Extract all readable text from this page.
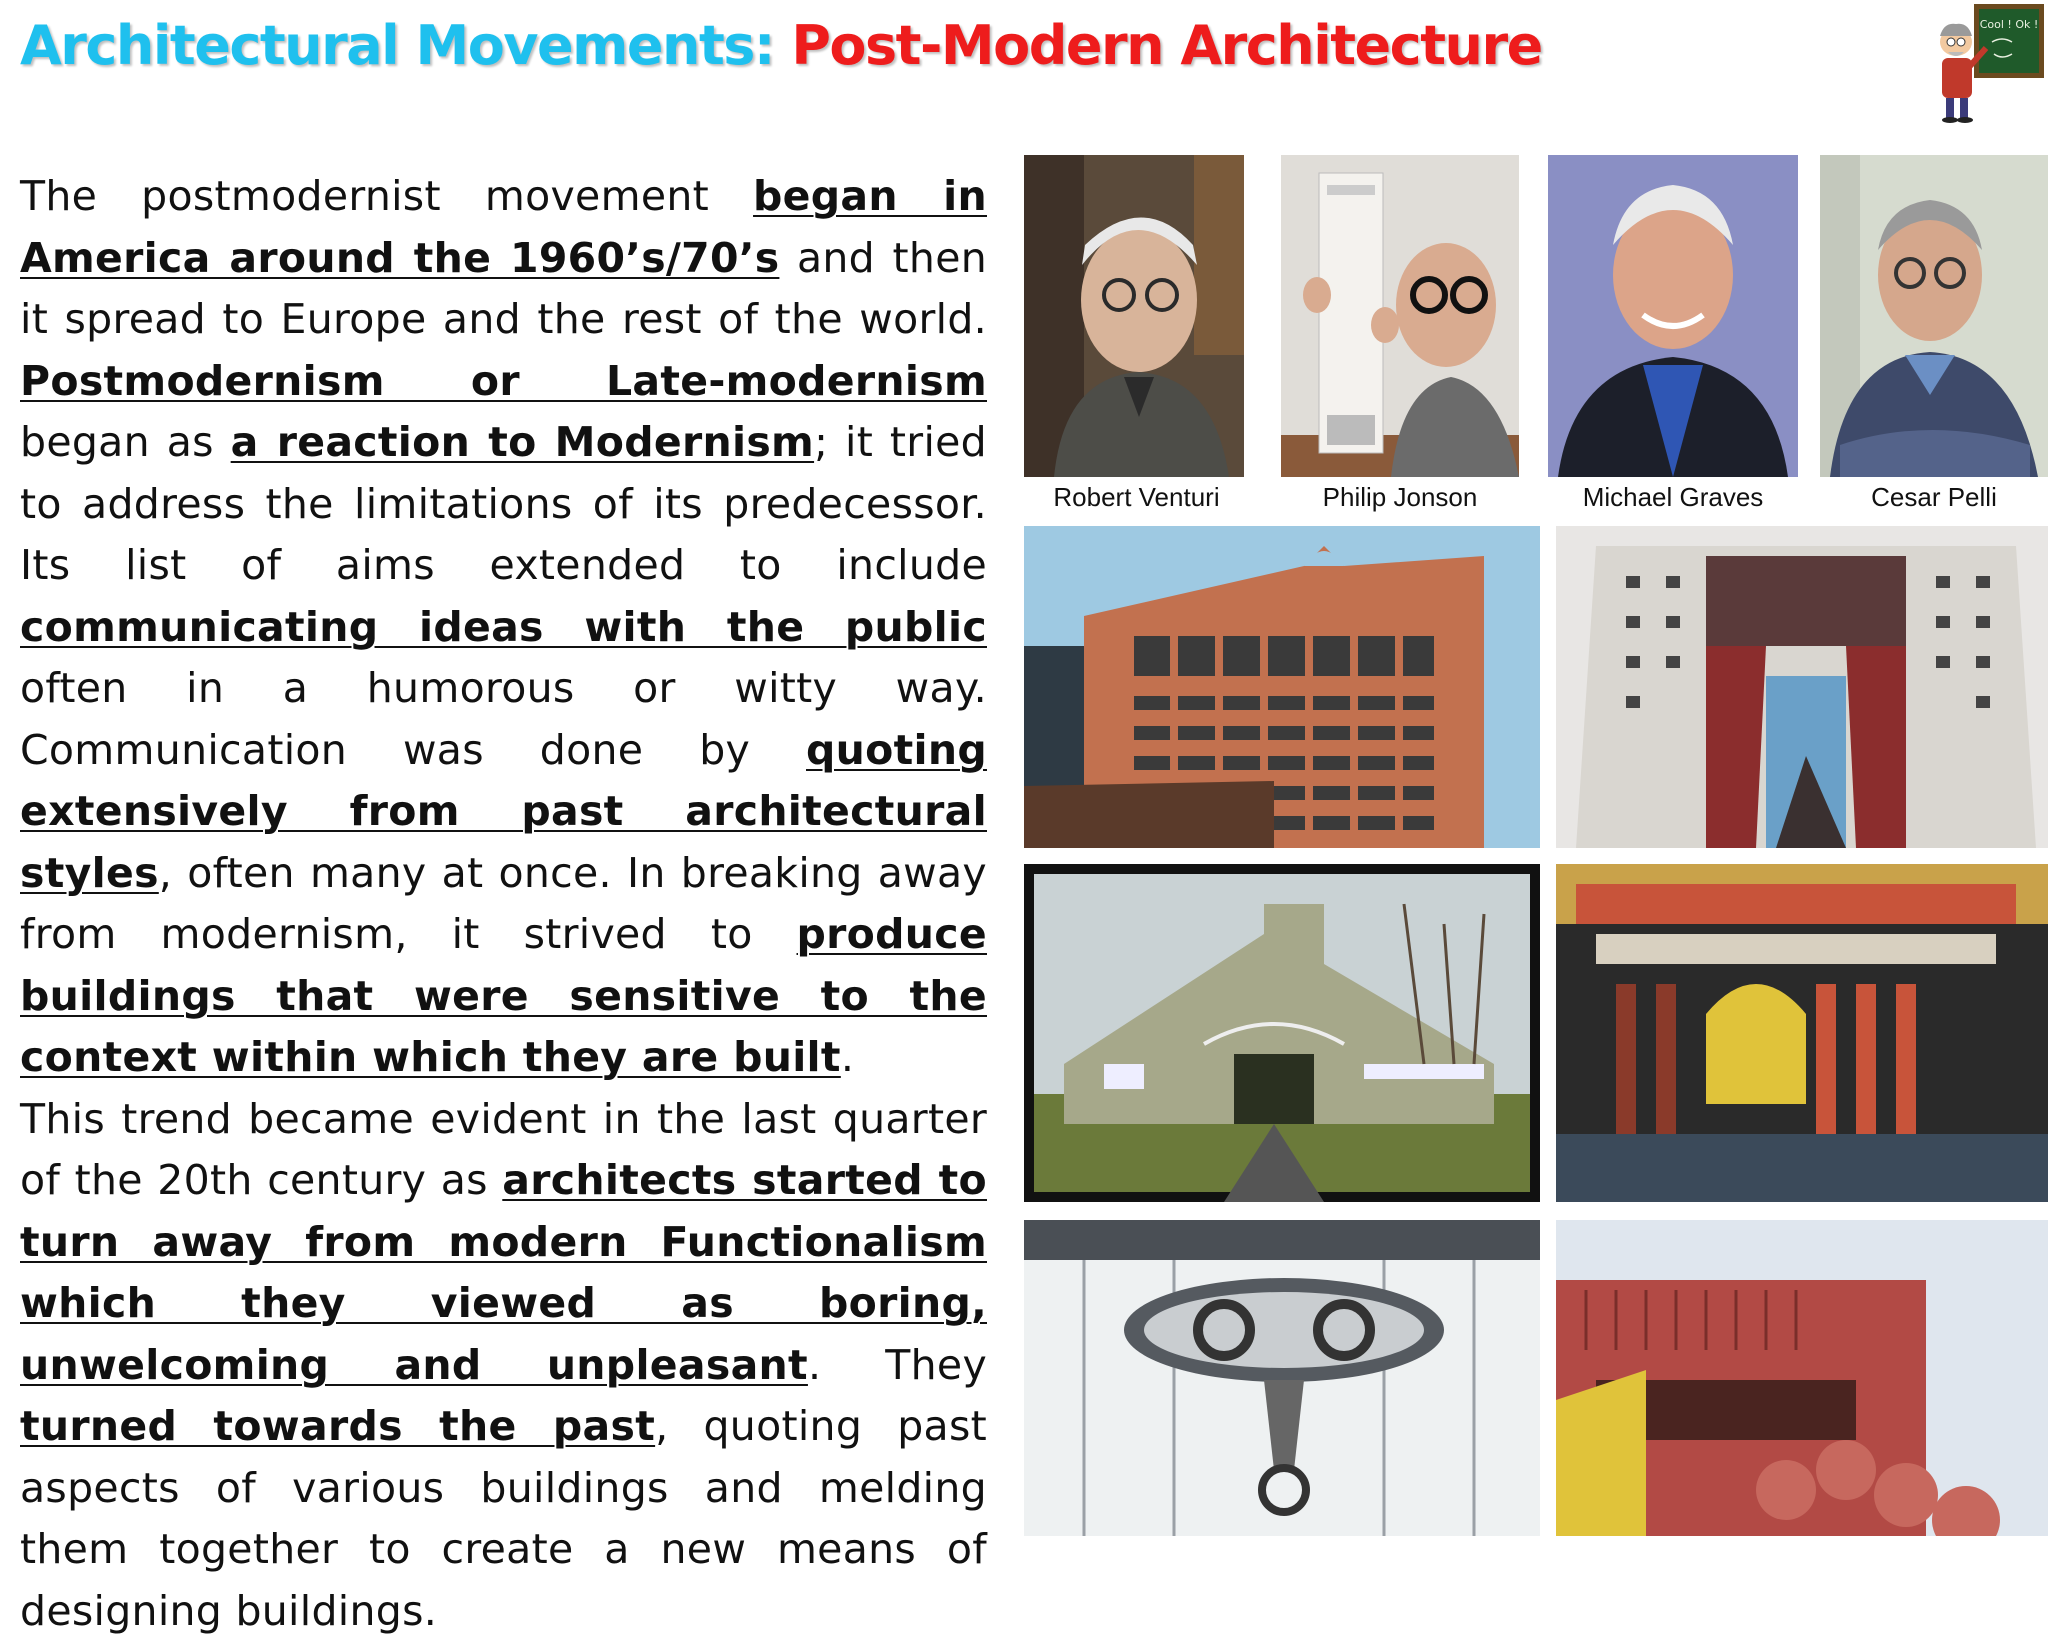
Architectural Movements: Post-Modern Architecture	Cool ! Ok !

The postmodernist movement began in America around the 1960’s/70’s and then it spread to Europe and the rest of the world. Postmodernism or Late-modernism began as a reaction to Modernism; it tried to address the limitations of its predecessor. Its list of aims extended to include communicating ideas with the public often in a humorous or witty way. Communication was done by quoting extensively from past architectural styles, often many at once. In breaking away from modernism, it strived to produce buildings that were sensitive to the context within which they are built.

This trend became evident in the last quarter of the 20th century as architects started to turn away from modern Functionalism which they viewed as boring, unwelcoming and unpleasant. They turned towards the past, quoting past aspects of various buildings and melding them together to create a new means of designing buildings.

Robert Venturi	Philip Jonson	Michael Graves	Cesar Pelli
